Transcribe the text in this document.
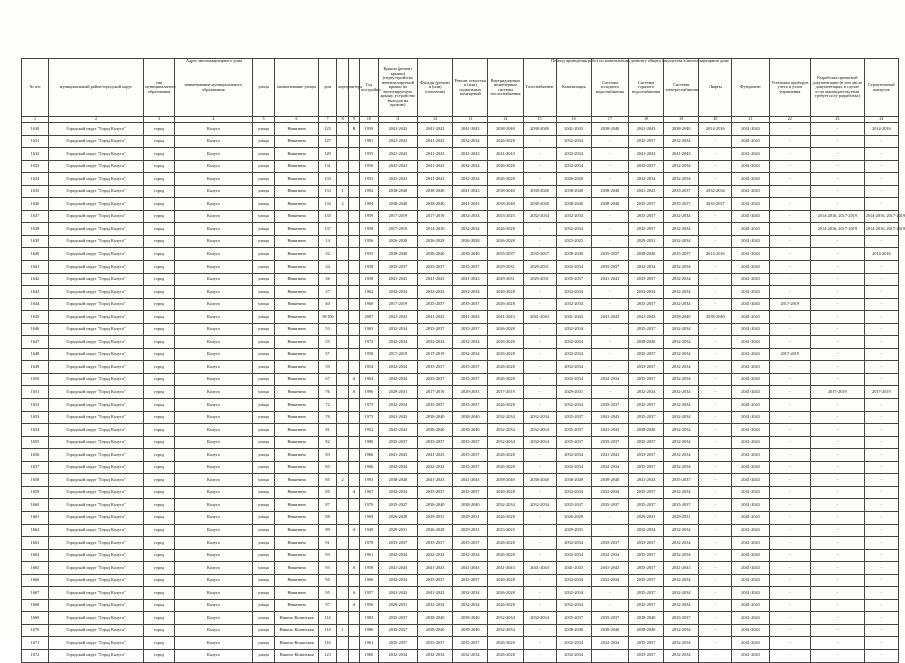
Адрес многоквартирного дома	Период проведения работ по капитальному ремонту общего имущества в многоквартирном доме
№ п/п	муниципальный район/городской округ	тип муниципального образования	наименование муниципального образования	улица	наименование улицы	дом	корпус	литера	Год постройки	Крыша (ремонт крыши) (переустройство невентилируемой крыши на вентилируемую крышу, устройство выходов на кровлю)	Фасады (ремонт и (или) утепление)	Ремонт отмостки и (или) подвальных помещений	Внутридомовые инженерные системы теплоснабжения	Газоснабжение	Канализация	Системы холодного водоснабжения	Системы горячего водоснабжения	Системы электроснабжения	Лифты	Фундамент	Установка приборов учета и узлов управления	Разработка проектной документации (в том числе документации, в случае если законодательством требуется ее разработка)	Строительный контроль
1	2	3	4	5	6	7	8	9	10	11	12	13	14	15	16	17	18	19	20	21	22	23	24
1630	Городской округ "Город Калуга"	город	Калуга	улица	Никитина	125		В	1959	2041-2043	2041-2043	2041-2043	2038-2040	2038-2040	2041-2043	2038-2040	2041-2043	2038-2040	2014-2016	2041-2043	-	-	2014-2016
1631	Городской округ "Город Калуга"	город	Калуга	улица	Никитина	127			1981	2041-2043	2041-2043	2032-2034	2026-2028	-	2032-2034	-	2035-2037	2032-2034	-	2041-2043	-	-	-
1632	Городской округ "Город Калуга"	город	Калуга	улица	Никитина	129			1955	2041-2043	2041-2043	2041-2043	2041-2043	-	2032-2034	-	2041-2043	2041-2043	-	2041-2043	-	-	-
1633	Городской округ "Город Калуга"	город	Калуга	улица	Никитина	131			1956	2041-2043	2041-2043	2032-2034	2026-2028	-	2032-2034	-	2035-2037	2032-2034	-	2041-2043	-	-	-
1634	Городской округ "Город Калуга"	город	Калуга	улица	Никитина	133			1953	2041-2043	2041-2043	2032-2034	2026-2028	-	2026-2028	-	2032-2034	2032-2034	-	2041-2043	-	-	-
1635	Городской округ "Город Калуга"	город	Калуга	улица	Никитина	133	1		1992	2038-2040	2038-2040	2041-2043	2038-2040	2038-2040	2038-2040	2038-2040	2041-2043	2035-2037	2032-2034	2041-2043	-	-	-
1636	Городской округ "Город Калуга"	город	Калуга	улица	Никитина	133	2		1994	2038-2040	2038-2040	2041-2043	2038-2040	2038-2040	2038-2040	2038-2040	2035-2037	2035-2037	2035-2037	2041-2043	-	-	-
1637	Городской округ "Город Калуга"	город	Калуга	улица	Никитина	135			1959	2017-2019	2017-2019	2032-2034	2023-2025	2032-2034	2032-2034	-	2035-2037	2032-2034	-	2041-2043	-	2014-2016, 2017-2019	2014-2016, 2017-2019
1638	Городской округ "Город Калуга"	город	Калуга	улица	Никитина	137			1958	2017-2019	2014-2016	2032-2034	2026-2028	-	2032-2034	-	2035-2037	2032-2034	-	2041-2043	-	2014-2016, 2017-2019	2014-2016, 2017-2019
1639	Городской округ "Город Калуга"	город	Калуга	улица	Никитина	14			1956	2026-2028	2026-2028	2026-2028	2026-2028	-	2023-2025	-	2029-2031	2032-2034	-	2041-2043	-	-	-
1640	Городской округ "Город Калуга"	город	Калуга	улица	Никитина	32			1955	2038-2040	2038-2040	2038-2040	2035-2037	2035-2037	2038-2040	2035-2037	2038-2040	2035-2037	2014-2016	2041-2043	-	-	2014-2016
1641	Городской округ "Город Калуга"	город	Калуга	улица	Никитина	34			1958	2035-2037	2035-2037	2035-2037	2029-2031	2029-2031	2032-2034	2035-2037	2032-2034	2032-2034	-	2041-2043	-	-	-
1642	Городской округ "Город Калуга"	город	Калуга	улица	Никитина	36			1958	2041-2043	2041-2043	2041-2043	2029-2031	2029-2031	2035-2037	2041-2043	2035-2037	2032-2034	-	2041-2043	-	-	-
1643	Городской округ "Город Калуга"	город	Калуга	улица	Никитина	37			1962	2032-2034	2032-2034	2032-2034	2026-2028	-	2032-2034	-	2032-2034	2032-2034	-	2041-2043	-	-	-
1644	Городской округ "Город Калуга"	город	Калуга	улица	Никитина	40			1960	2017-2019	2035-2037	2035-2037	2026-2028	-	2032-2034	-	2035-2037	2032-2034	-	2041-2043	2017-2019	-	-
1645	Городской округ "Город Калуга"	город	Калуга	улица	Никитина	39/106			2007	2041-2043	2041-2043	2041-2043	2041-2043	2041-2043	2041-2043	2041-2043	2041-2043	2038-2040	2038-2040	2041-2043	-	-	-
1646	Городской округ "Город Калуга"	город	Калуга	улица	Никитина	53			1963	2032-2034	2035-2037	2035-2037	2026-2028	-	2032-2034	-	2035-2037	2032-2034	-	2041-2043	-	-	-
1647	Городской округ "Город Калуга"	город	Калуга	улица	Никитина	55			1972	2032-2034	2032-2034	2032-2034	2026-2028	-	2032-2034	-	2038-2040	2032-2034	-	2041-2043	-	-	-
1648	Городской округ "Город Калуга"	город	Калуга	улица	Никитина	57			1958	2017-2019	2017-2019	2032-2034	2026-2028	-	2032-2034	-	2035-2037	2032-2034	-	2041-2043	2017-2019	-	-
1649	Городской округ "Город Калуга"	город	Калуга	улица	Никитина	59			1954	2032-2034	2035-2037	2035-2037	2026-2028	-	2032-2034	-	2035-2037	2032-2034	-	2041-2043	-	-	-
1650	Городской округ "Город Калуга"	город	Калуга	улица	Никитина	67		А	1964	2032-2034	2035-2037	2035-2037	2026-2028	-	2032-2034	2032-2034	2035-2037	2032-2034	-	2041-2043	-	-	-
1651	Городской округ "Город Калуга"	город	Калуга	улица	Никитина	76		А	1996	2029-2031	2017-2019	2029-2031	2017-2019	-	2029-2031	-	2032-2034	2032-2034	-	2041-2043	-	2017-2019	2017-2019
1652	Городской округ "Город Калуга"	город	Калуга	улица	Никитина	72			1975	2032-2034	2035-2037	2035-2037	2026-2028	-	2032-2034	2035-2037	2035-2037	2032-2034	-	2041-2043	-	-	-
1653	Городской округ "Город Калуга"	город	Калуга	улица	Никитина	76			1975	2041-2043	2038-2040	2038-2040	2032-2034	2032-2034	2035-2037	2041-2043	2035-2037	2032-2034	-	2041-2043	-	-	-
1654	Городской округ "Город Калуга"	город	Калуга	улица	Никитина	81			1952	2041-2043	2038-2040	2038-2040	2032-2034	2032-2034	2035-2037	2041-2043	2038-2040	2032-2034	-	2041-2043	-	-	-
1655	Городской округ "Город Калуга"	город	Калуга	улица	Никитина	82			1980	2035-2037	2035-2037	2035-2037	2032-2034	2032-2034	2035-2037	2035-2037	2035-2037	2032-2034	-	2041-2043	-	-	-
1656	Городской округ "Город Калуга"	город	Калуга	улица	Никитина	83			1966	2041-2043	2041-2043	2035-2037	2026-2028	-	2032-2034	2041-2043	2035-2037	2032-2034	-	2041-2043	-	-	-
1657	Городской округ "Город Калуга"	город	Калуга	улица	Никитина	85			1966	2032-2034	2032-2034	2035-2037	2026-2028	-	2032-2034	2032-2034	2035-2037	2032-2034	-	2041-2043	-	-	-
1658	Городской округ "Город Калуга"	город	Калуга	улица	Никитина	85	2		1993	2038-2040	2041-2043	2041-2043	2038-2040	2038-2040	2038-2040	2038-2040	2041-2043	2035-2037	-	2041-2043	-	-	-
1659	Городской округ "Город Калуга"	город	Калуга	улица	Никитина	85		А	1967	2032-2034	2035-2037	2035-2037	2026-2028	-	2032-2034	2032-2034	2035-2037	2032-2034	-	2041-2043	-	-	-
1660	Городской округ "Город Калуга"	город	Калуга	улица	Никитина	87			1970	2035-2037	2038-2040	2038-2040	2032-2034	2032-2034	2035-2037	2035-2037	2035-2037	2035-2037	-	2041-2043	-	-	-
1661	Городской округ "Город Калуга"	город	Калуга	улица	Никитина	88			1969	2026-2028	2029-2031	2029-2031	2026-2028	-	2026-2028	-	2029-2031	2029-2031	-	2041-2043	-	-	-
1662	Городской округ "Город Калуга"	город	Калуга	улица	Никитина	89		А	1949	2029-2031	2026-2028	2029-2031	2023-2025	-	2029-2031	-	2032-2034	2032-2034	-	2041-2043	-	-	-
1663	Городской округ "Город Калуга"	город	Калуга	улица	Никитина	91			1978	2035-2037	2035-2037	2035-2037	2026-2028	-	2032-2034	2035-2037	2035-2037	2032-2034	-	2041-2043	-	-	-
1664	Городской округ "Город Калуга"	город	Калуга	улица	Никитина	93			1961	2032-2034	2032-2034	2032-2034	2026-2028	-	2032-2034	2032-2034	2035-2037	2032-2034	-	2041-2043	-	-	-
1665	Городской округ "Город Калуга"	город	Калуга	улица	Никитина	93		А	1958	2041-2043	2041-2043	2041-2043	2041-2043	2041-2043	2041-2043	2041-2043	2035-2037	2041-2043	-	2041-2043	-	-	-
1666	Городской округ "Город Калуга"	город	Калуга	улица	Никитина	95			1960	2032-2034	2035-2037	2035-2037	2026-2028	-	2032-2034	2032-2034	2035-2037	2032-2034	-	2041-2043	-	-	-
1667	Городской округ "Город Калуга"	город	Калуга	улица	Никитина	95		А	1957	2041-2043	2041-2043	2032-2034	2026-2028	-	2032-2034	-	2035-2037	2032-2034	-	2041-2043	-	-	-
1668	Городской округ "Город Калуга"	город	Калуга	улица	Никитина	97		А	1956	2029-2031	2032-2034	2032-2034	2026-2028	-	2032-2034	-	2035-2037	2032-2034	-	2041-2043	-	-	-
1669	Городской округ "Город Калуга"	город	Калуга	улица	Николо-Козинская	114			1983	2035-2037	2038-2040	2038-2040	2032-2034	2032-2034	2035-2037	2035-2037	2038-2040	2035-2037	-	2041-2043	-	-	-
1670	Городской округ "Город Калуга"	город	Калуга	улица	Николо-Козинская	114	1		1986	2035-2037	2038-2040	2038-2040	2032-2034	-	2038-2040	2038-2040	2038-2040	2032-2034	-	2041-2043	-	-	-
1671	Городской округ "Город Калуга"	город	Калуга	улица	Николо-Козинская	116			1961	2035-2037	2035-2037	2035-2037	2026-2028	-	2032-2034	2032-2034	2035-2037	2032-2034	-	2041-2043	-	-	-
1672	Городской округ "Город Калуга"	город	Калуга	улица	Николо-Козинская	123			1960	2032-2034	2032-2034	2032-2034	2026-2028	-	2032-2034	-	2035-2037	2032-2034	-	2041-2043	-	-	-
